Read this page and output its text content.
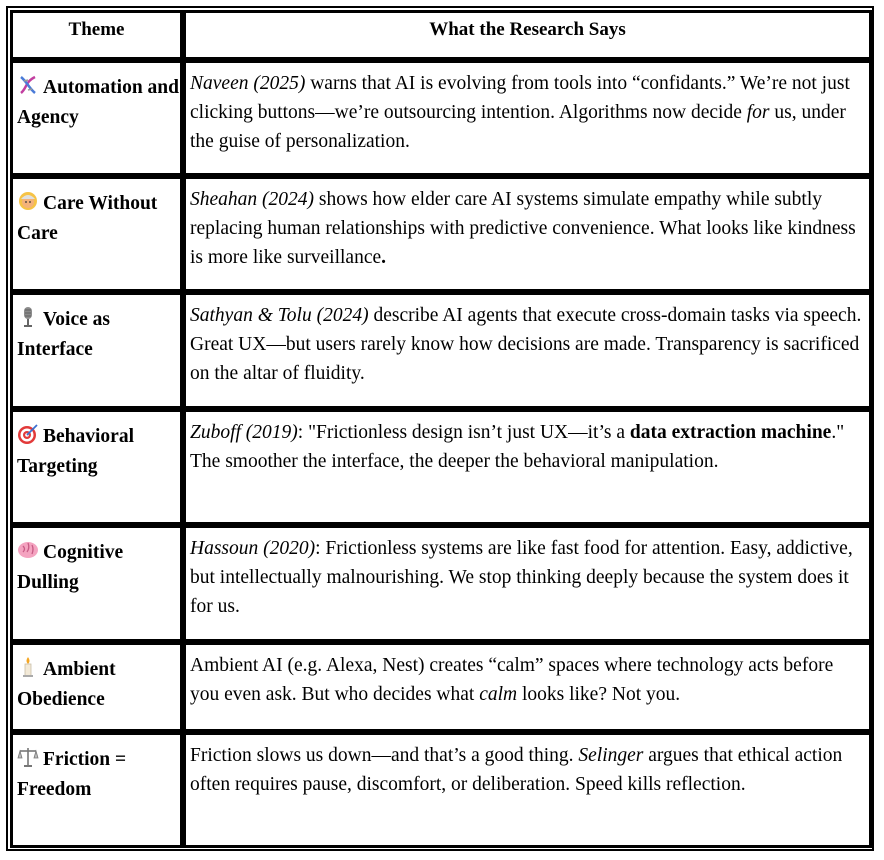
Theme	What the Research Says

Automation and Agency	Naveen (2025) warns that AI is evolving from tools into “confidants.” We’re not just clicking buttons—we’re outsourcing intention. Algorithms now decide for us, under the guise of personalization.

Care Without Care	Sheahan (2024) shows how elder care AI systems simulate empathy while subtly replacing human relationships with predictive convenience. What looks like kindness is more like surveillance.

Voice as Interface	Sathyan & Tolu (2024) describe AI agents that execute cross-domain tasks via speech. Great UX—but users rarely know how decisions are made. Transparency is sacrificed on the altar of fluidity.

Behavioral Targeting	Zuboff (2019): "Frictionless design isn’t just UX—it’s a data extraction machine." The smoother the interface, the deeper the behavioral manipulation.

Cognitive Dulling	Hassoun (2020): Frictionless systems are like fast food for attention. Easy, addictive, but intellectually malnourishing. We stop thinking deeply because the system does it for us.

Ambient Obedience	Ambient AI (e.g. Alexa, Nest) creates “calm” spaces where technology acts before you even ask. But who decides what calm looks like? Not you.

Friction = Freedom	Friction slows us down—and that’s a good thing. Selinger argues that ethical action often requires pause, discomfort, or deliberation. Speed kills reflection.
